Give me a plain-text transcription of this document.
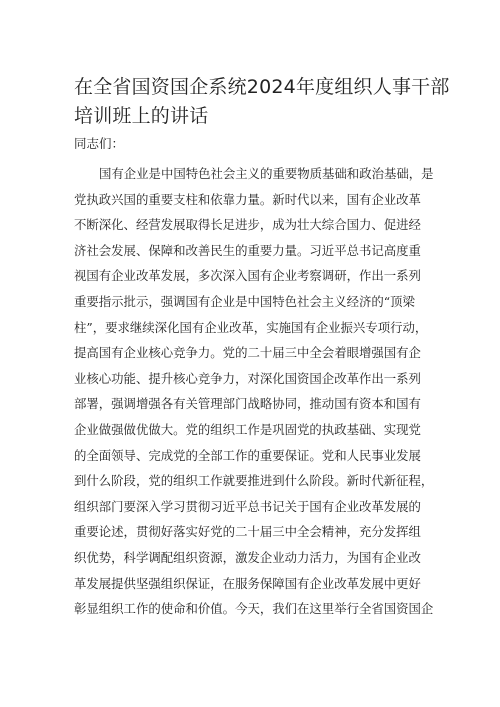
在全省国资国企系统2024年度组织人事干部
培训班上的讲话
同志们：
国有企业是中国特色社会主义的重要物质基础和政治基础，是
党执政兴国的重要支柱和依靠力量。新时代以来，国有企业改革
不断深化、经营发展取得长足进步，成为壮大综合国力、促进经
济社会发展、保障和改善民生的重要力量。习近平总书记高度重
视国有企业改革发展，多次深入国有企业考察调研，作出一系列
重要指示批示，强调国有企业是中国特色社会主义经济的“顶梁
柱”，要求继续深化国有企业改革，实施国有企业振兴专项行动，
提高国有企业核心竞争力。党的二十届三中全会着眼增强国有企
业核心功能、提升核心竞争力，对深化国资国企改革作出一系列
部署，强调增强各有关管理部门战略协同，推动国有资本和国有
企业做强做优做大。党的组织工作是巩固党的执政基础、实现党
的全面领导、完成党的全部工作的重要保证。党和人民事业发展
到什么阶段，党的组织工作就要推进到什么阶段。新时代新征程，
组织部门要深入学习贯彻习近平总书记关于国有企业改革发展的
重要论述，贯彻好落实好党的二十届三中全会精神，充分发挥组
织优势，科学调配组织资源，激发企业动力活力，为国有企业改
革发展提供坚强组织保证，在服务保障国有企业改革发展中更好
彰显组织工作的使命和价值。今天，我们在这里举行全省国资国企
